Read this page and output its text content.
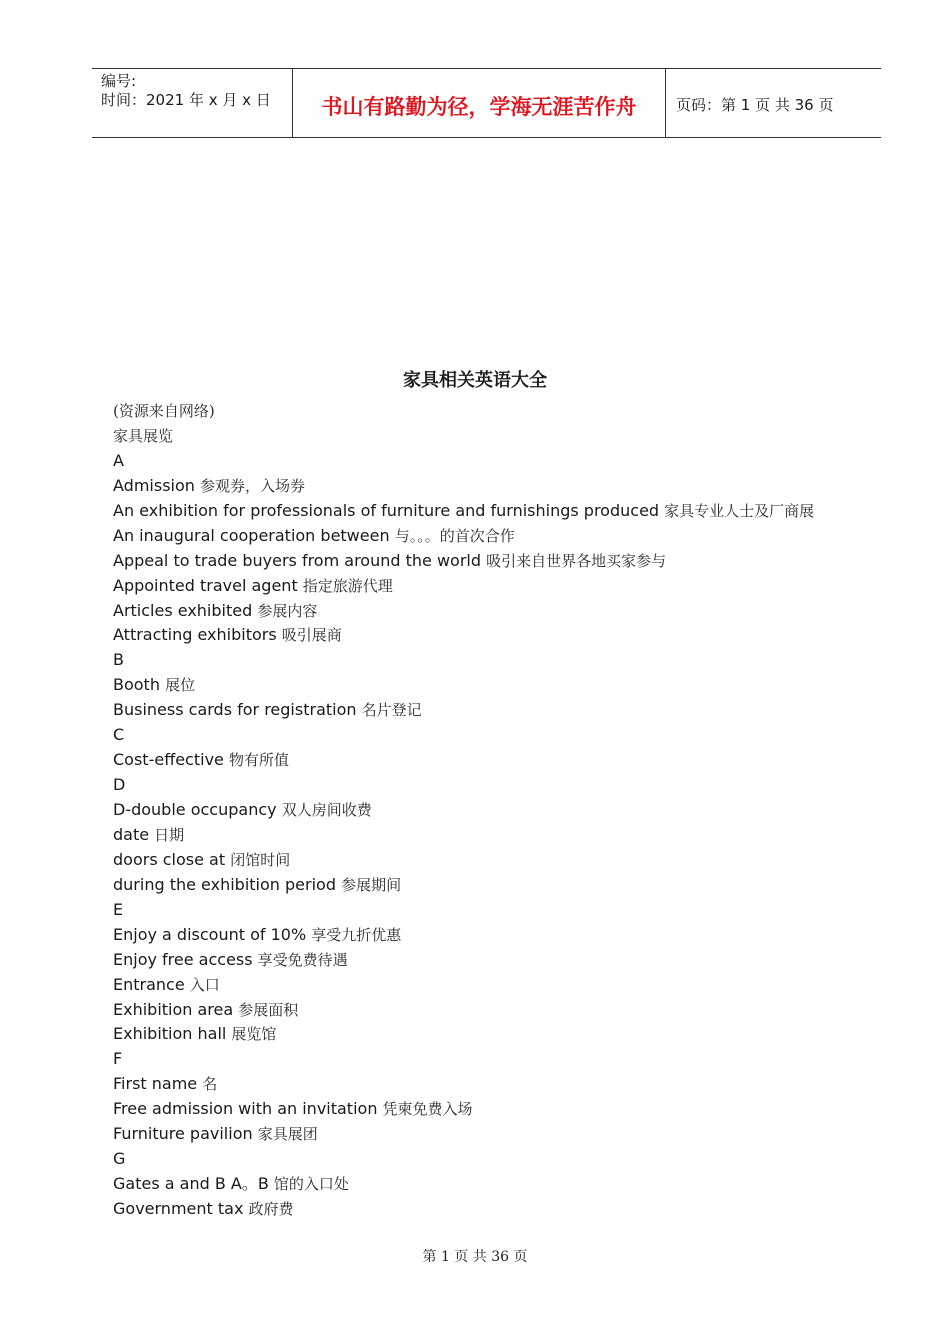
编号:
时间：2021 年 x 月 x 日	书山有路勤为径，学海无涯苦作舟	页码：第 1 页 共 36 页
家具相关英语大全
(资源来自网络)
家具展览
A
Admission 参观券，入场券
An exhibition for professionals of furniture and furnishings produced 家具专业人士及厂商展
An inaugural cooperation between 与。。。的首次合作
Appeal to trade buyers from around the world 吸引来自世界各地买家参与
Appointed travel agent 指定旅游代理
Articles exhibited 参展内容
Attracting exhibitors 吸引展商
B
Booth 展位
Business cards for registration 名片登记
C
Cost-effective 物有所值
D
D-double occupancy 双人房间收费
date 日期
doors close at 闭馆时间
during the exhibition period 参展期间
E
Enjoy a discount of 10% 享受九折优惠
Enjoy free access 享受免费待遇
Entrance 入口
Exhibition area 参展面积
Exhibition hall 展览馆
F
First name 名
Free admission with an invitation 凭柬免费入场
Furniture pavilion 家具展团
G
Gates a and B A。B 馆的入口处
Government tax 政府费
第 1 页 共 36 页
